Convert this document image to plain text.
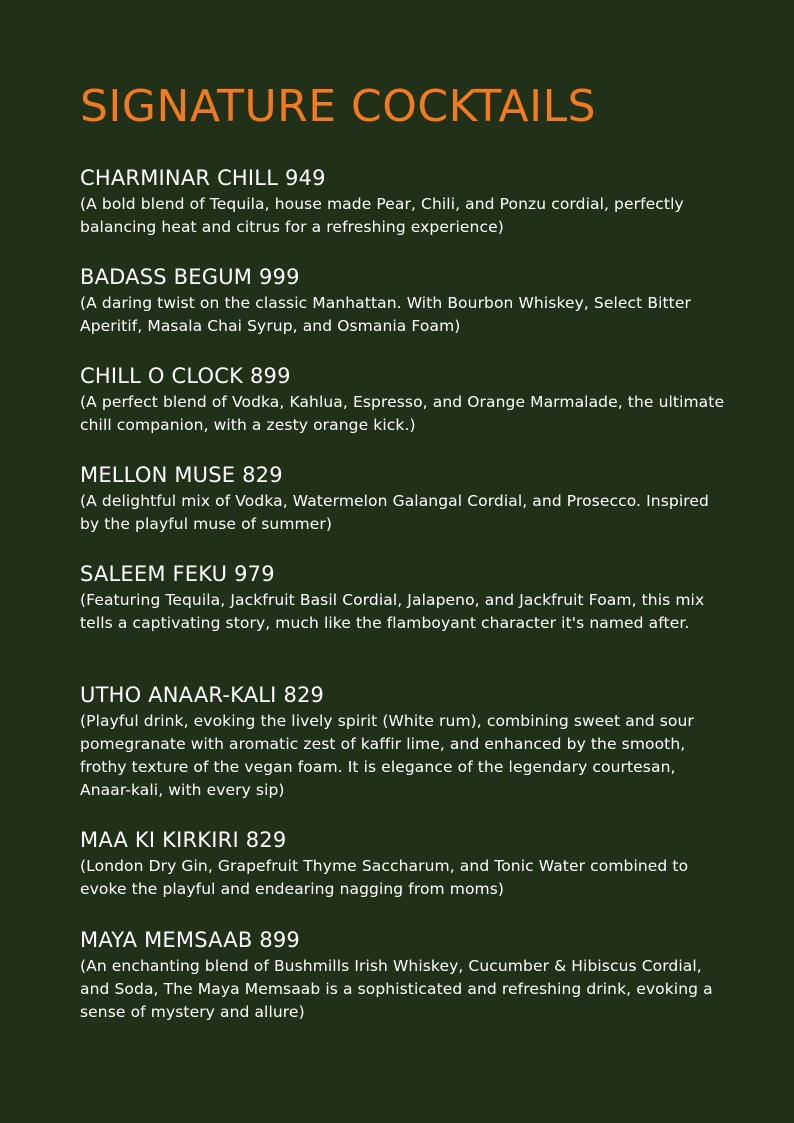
SIGNATURE COCKTAILS
CHARMINAR CHILL 949
(A bold blend of Tequila, house made Pear, Chili, and Ponzu cordial, perfectly balancing heat and citrus for a refreshing experience)
BADASS BEGUM 999
(A daring twist on the classic Manhattan. With Bourbon Whiskey, Select Bitter Aperitif, Masala Chai Syrup, and Osmania Foam)
CHILL O CLOCK 899
(A perfect blend of Vodka, Kahlua, Espresso, and Orange Marmalade, the ultimate chill companion, with a zesty orange kick.)
MELLON MUSE 829
(A delightful mix of Vodka, Watermelon Galangal Cordial, and Prosecco. Inspired by the playful muse of summer)
SALEEM FEKU 979
(Featuring Tequila, Jackfruit Basil Cordial, Jalapeno, and Jackfruit Foam, this mix tells a captivating story, much like the flamboyant character it's named after.
UTHO ANAAR-KALI 829
(Playful drink, evoking the lively spirit (White rum), combining sweet and sour pomegranate with aromatic zest of kaffir lime, and enhanced by the smooth, frothy texture of the vegan foam. It is elegance of the legendary courtesan, Anaar-kali, with every sip)
MAA KI KIRKIRI 829
(London Dry Gin, Grapefruit Thyme Saccharum, and Tonic Water combined to evoke the playful and endearing nagging from moms)
MAYA MEMSAAB 899
(An enchanting blend of Bushmills Irish Whiskey, Cucumber & Hibiscus Cordial, and Soda, The Maya Memsaab is a sophisticated and refreshing drink, evoking a sense of mystery and allure)
